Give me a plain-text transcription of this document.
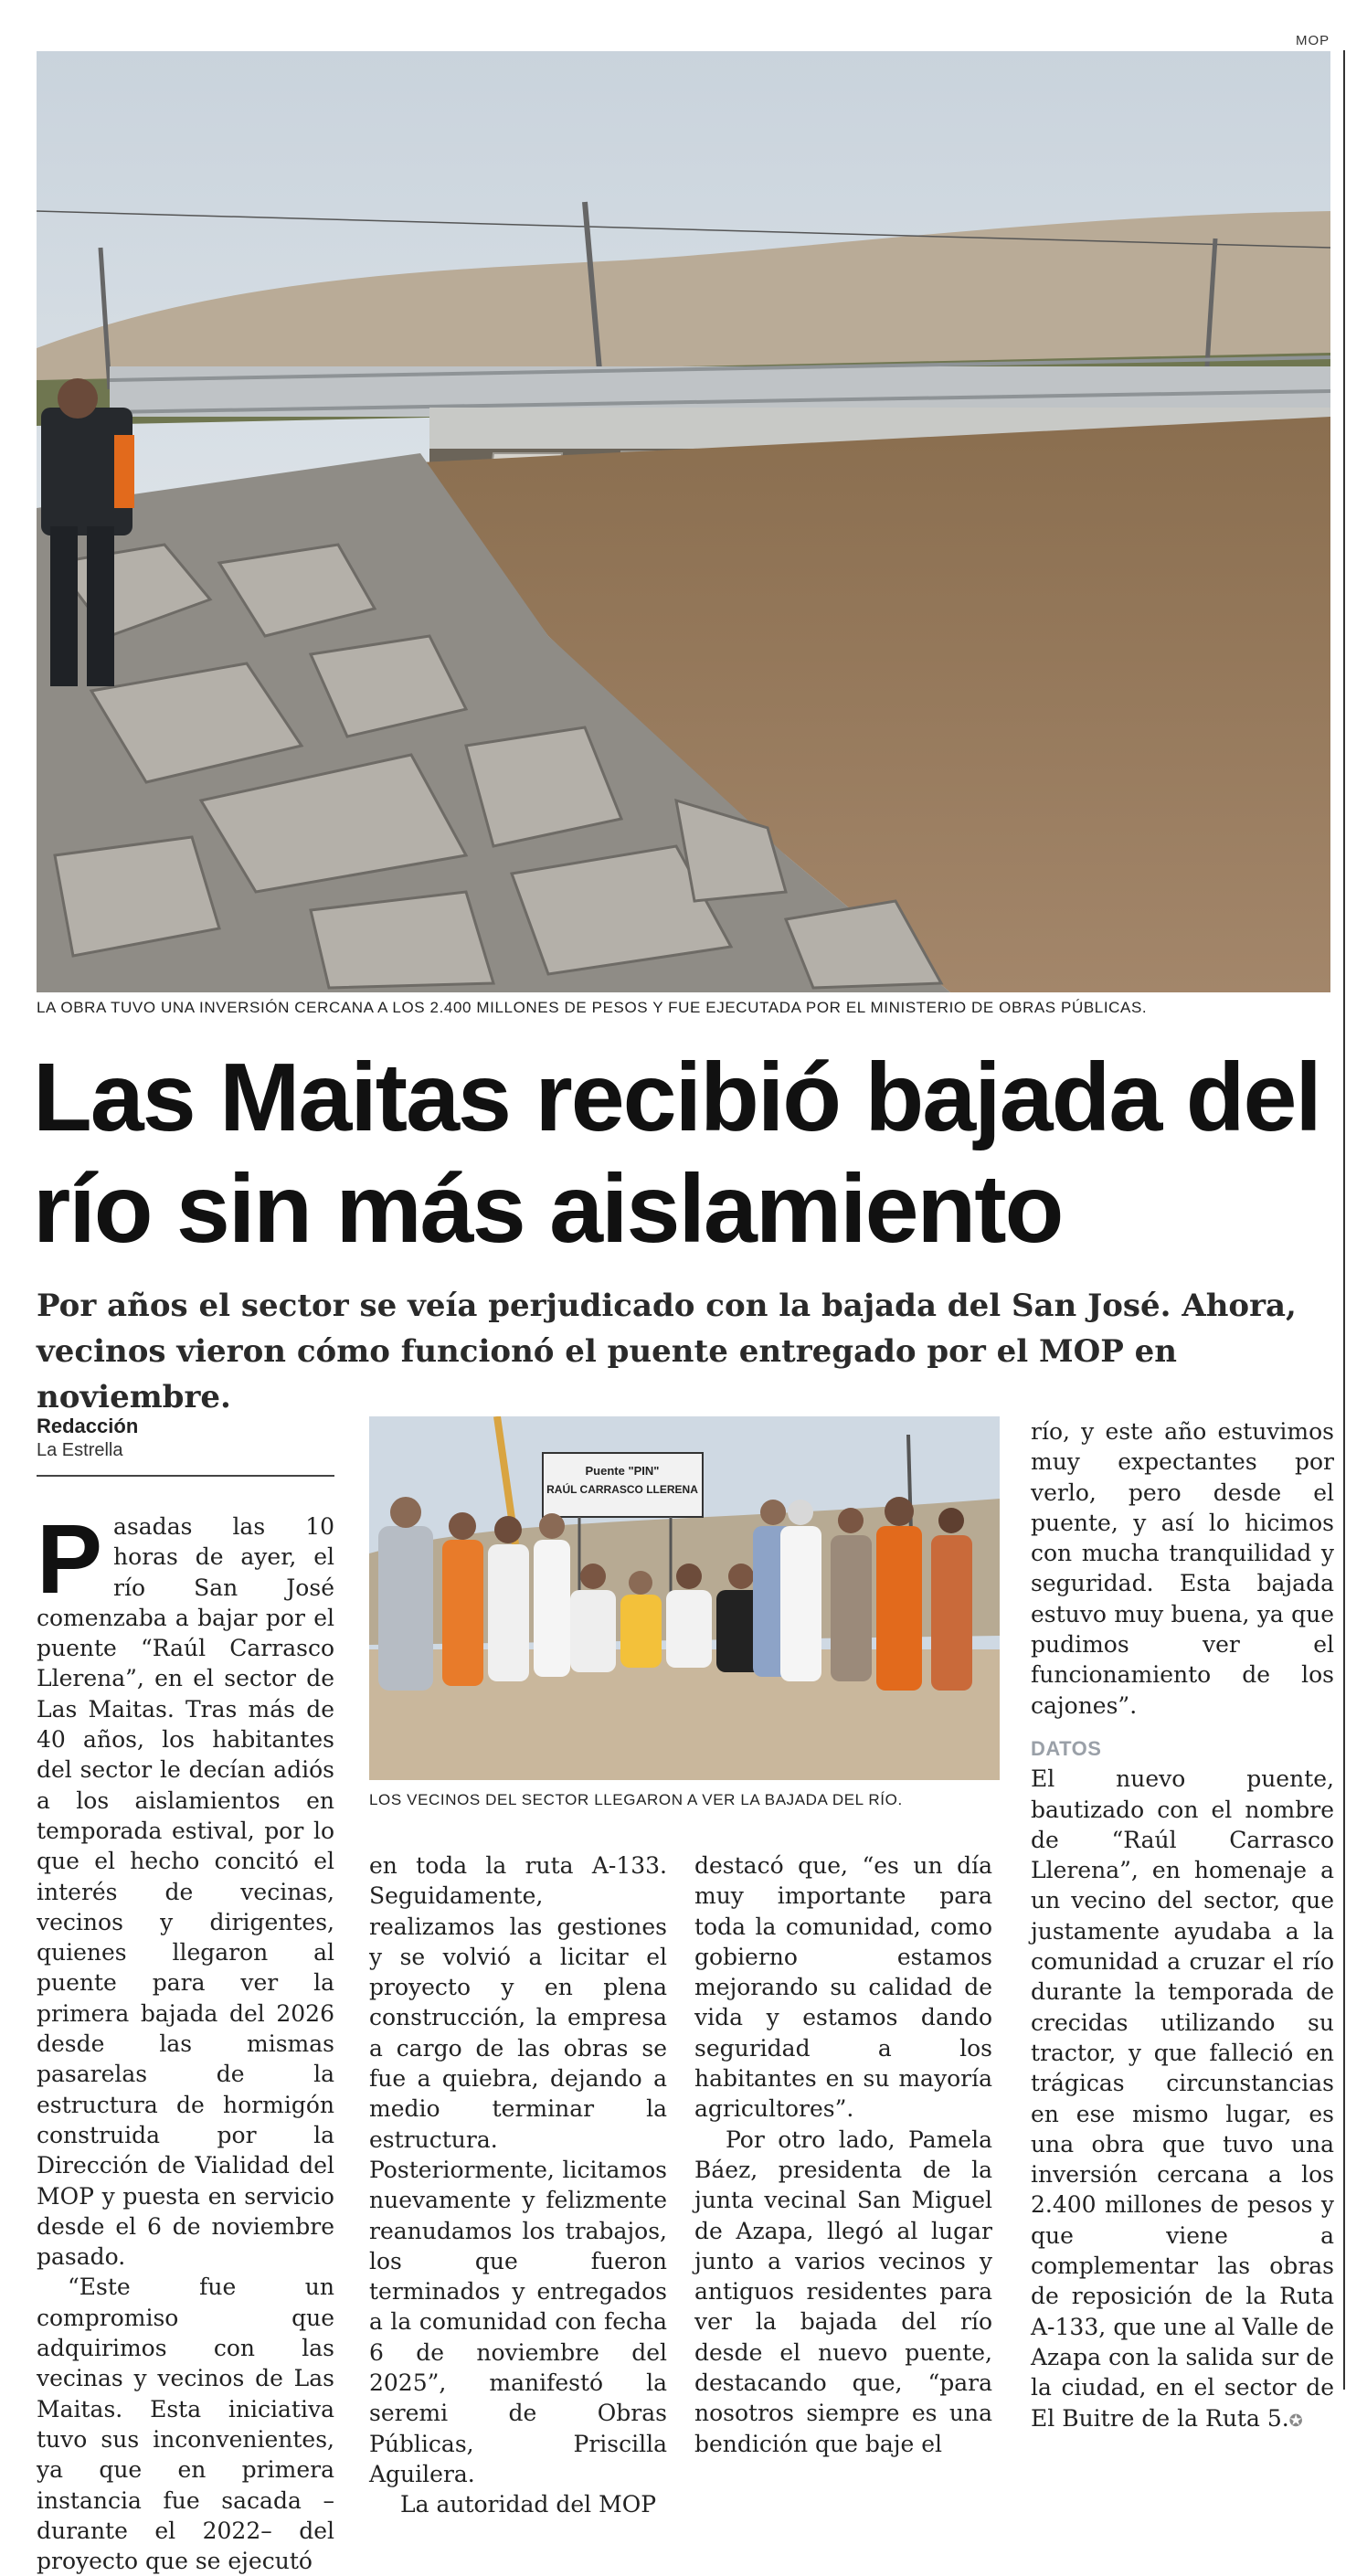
MOP
LA OBRA TUVO UNA INVERSIÓN CERCANA A LOS 2.400 MILLONES DE PESOS Y FUE EJECUTADA POR EL MINISTERIO DE OBRAS PÚBLICAS.
Las Maitas recibió bajada del río sin más aislamiento

Por años el sector se veía perjudicado con la bajada del San José. Ahora, vecinos vieron cómo funcionó el puente entregado por el MOP en noviembre.

Redacción
La Estrella

Pasadas las 10 horas de ayer, el río San José comenzaba a bajar por el puente “Raúl Carrasco Llerena”, en el sector de Las Maitas. Tras más de 40 años, los habitantes del sector le decían adiós a los aislamientos en temporada estival, por lo que el hecho concitó el interés de vecinas, vecinos y dirigentes, quienes llegaron al puente para ver la primera bajada del 2026 desde las mismas pasarelas de la estructura de hormigón construida por la Dirección de Vialidad del MOP y puesta en servicio desde el 6 de noviembre pasado.

“Este fue un compromiso que adquirimos con las vecinas y vecinos de Las Maitas. Esta iniciativa tuvo sus inconvenientes, ya que en primera instancia fue sacada –durante el 2022– del proyecto que se ejecutó

Puente "PIN"
RAÚL CARRASCO LLERENA
LOS VECINOS DEL SECTOR LLEGARON A VER LA BAJADA DEL RÍO.

en toda la ruta A-133. Seguidamente, realizamos las gestiones y se volvió a licitar el proyecto y en plena construcción, la empresa a cargo de las obras se fue a quiebra, dejando a medio terminar la estructura. Posteriormente, licitamos nuevamente y felizmente reanudamos los trabajos, los que fueron terminados y entregados a la comunidad con fecha 6 de noviembre del 2025”, manifestó la seremi de Obras Públicas, Priscilla Aguilera.

La autoridad del MOP

destacó que, “es un día muy importante para toda la comunidad, como gobierno estamos mejorando su calidad de vida y estamos dando seguridad a los habitantes en su mayoría agricultores”.

Por otro lado, Pamela Báez, presidenta de la junta vecinal San Miguel de Azapa, llegó al lugar junto a varios vecinos y antiguos residentes para ver la bajada del río desde el nuevo puente, destacando que, “para nosotros siempre es una bendición que baje el

río, y este año estuvimos muy expectantes por verlo, pero desde el puente, y así lo hicimos con mucha tranquilidad y seguridad. Esta bajada estuvo muy buena, ya que pudimos ver el funcionamiento de los cajones”.

DATOS

El nuevo puente, bautizado con el nombre de “Raúl Carrasco Llerena”, en homenaje a un vecino del sector, que justamente ayudaba a la comunidad a cruzar el río durante la temporada de crecidas utilizando su tractor, y que falleció en trágicas circunstancias en ese mismo lugar, es una obra que tuvo una inversión cercana a los 2.400 millones de pesos y que viene a complementar las obras de reposición de la Ruta A-133, que une al Valle de Azapa con la salida sur de la ciudad, en el sector de El Buitre de la Ruta 5.✪
